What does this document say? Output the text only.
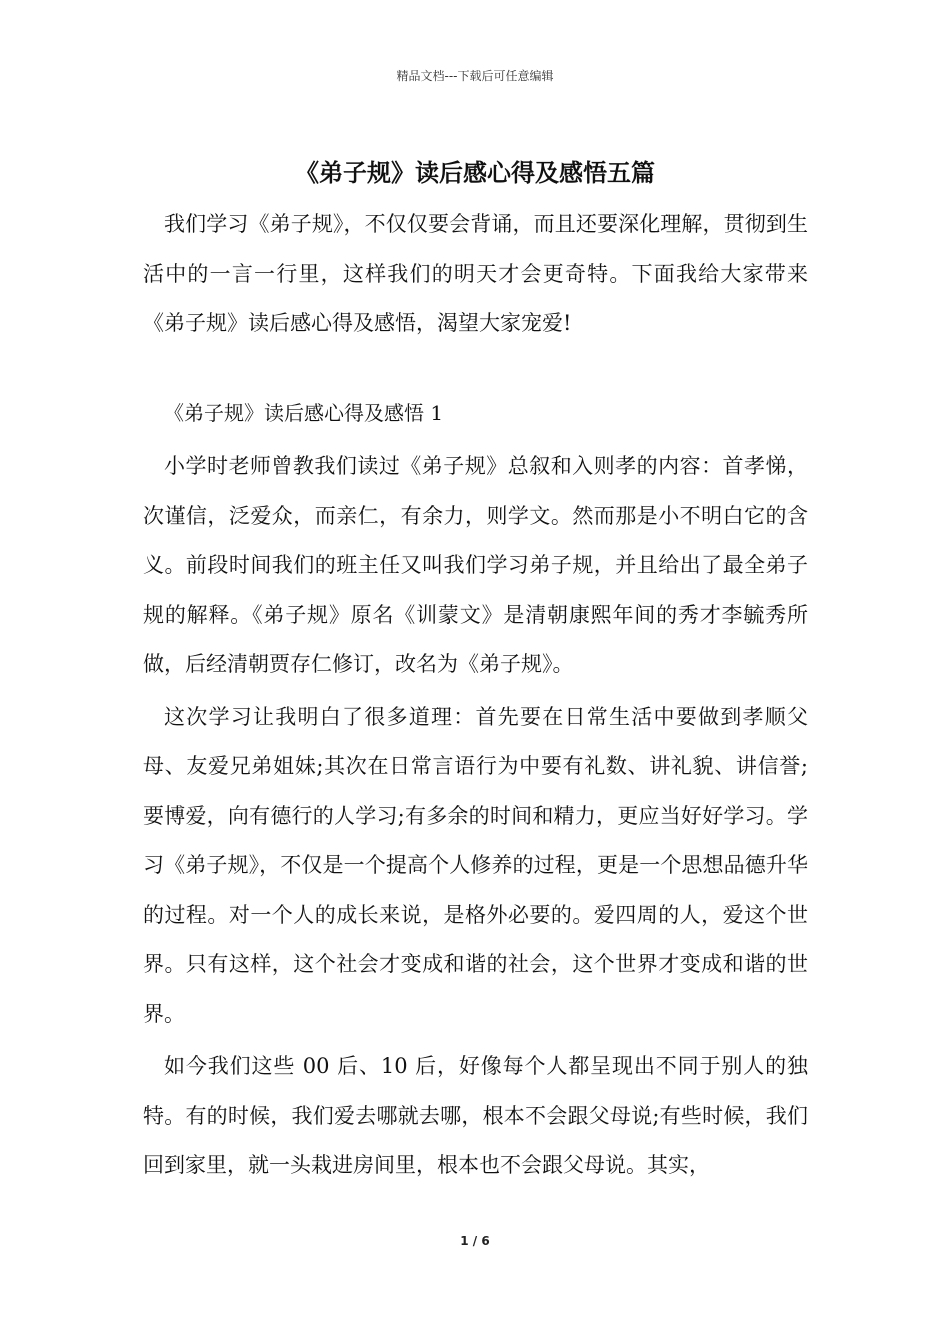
精品文档---下载后可任意编辑
《弟子规》读后感心得及感悟五篇

我们学习《弟子规》，不仅仅要会背诵，而且还要深化理解，贯彻到生活中的一言一行里，这样我们的明天才会更奇特。下面我给大家带来《弟子规》读后感心得及感悟，渴望大家宠爱!

《弟子规》读后感心得及感悟 1

小学时老师曾教我们读过《弟子规》总叙和入则孝的内容：首孝悌，次谨信，泛爱众，而亲仁，有余力，则学文。然而那是小不明白它的含义。前段时间我们的班主任又叫我们学习弟子规，并且给出了最全弟子规的解释。《弟子规》原名《训蒙文》是清朝康熙年间的秀才李毓秀所做，后经清朝贾存仁修订，改名为《弟子规》。

这次学习让我明白了很多道理：首先要在日常生活中要做到孝顺父母、友爱兄弟姐妹;其次在日常言语行为中要有礼数、讲礼貌、讲信誉;要博爱，向有德行的人学习;有多余的时间和精力，更应当好好学习。学习《弟子规》，不仅是一个提高个人修养的过程，更是一个思想品德升华的过程。对一个人的成长来说，是格外必要的。爱四周的人，爱这个世界。只有这样，这个社会才变成和谐的社会，这个世界才变成和谐的世界。

如今我们这些 00 后、10 后，好像每个人都呈现出不同于别人的独特。有的时候，我们爱去哪就去哪，根本不会跟父母说;有些时候，我们回到家里，就一头栽进房间里，根本也不会跟父母说。其实，

1 / 6
